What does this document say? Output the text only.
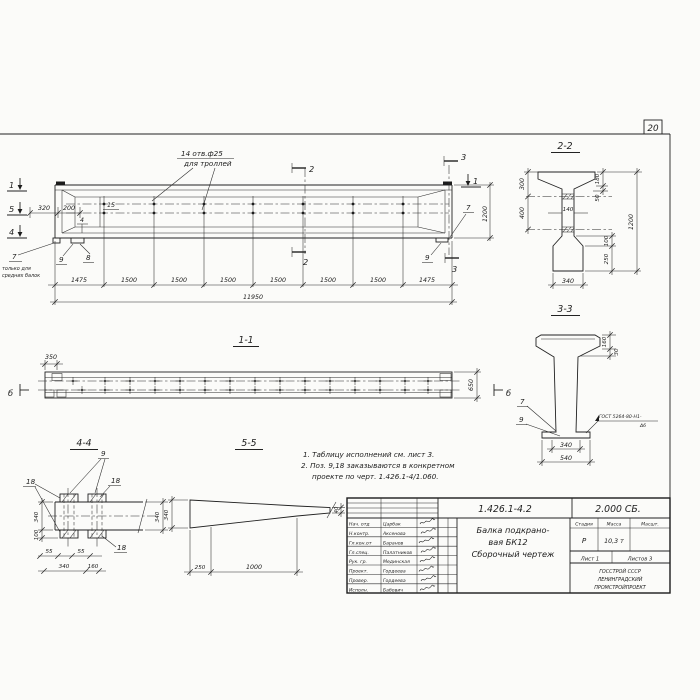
20
14 отв.ф25
для троллей
1
5
4
1
2
2
3
3
320 200	15
4
7
только для
средних балок
9	8	9
7 1200
1475	1500	1500	1500	1500	1500	1500	1475
11950
2-2
300
400	140
180
50
100
250
1200
340
3-3
160
30
7
9	ГОСТ 5264-80-Н1-
Δ6
340
540
1-1
350
650
б	б
4-4
9
18	18
18
340
100
340
55	55
340	160
5-5
340	40
250	1000
1. Таблицу исполнений см. лист 3.
2. Поз. 9,18 заказываются в конкретном
проекте по черт. 1.426.1-4/1.060.
1.426.1-4.2	2.000 СБ.
Нач. отд	Царбак
Н.контр.	Аксенова
Гл.кон.от	Баранов
Гл.спец.	Палатников
Рук. гр.	Мединская
Проект.	Гордеева
Провер.	Гордеева
Исполн.	Бабович
Балка подкрано-
вая БК12
Сборочный чертеж
Стадия	Масса	Масшт.
Р	10,3 т
Лист 1	Листов 3
ГОССТРОЙ СССР
ЛЕНИНГРАДСКИЙ
ПРОМСТРОЙПРОЕКТ
